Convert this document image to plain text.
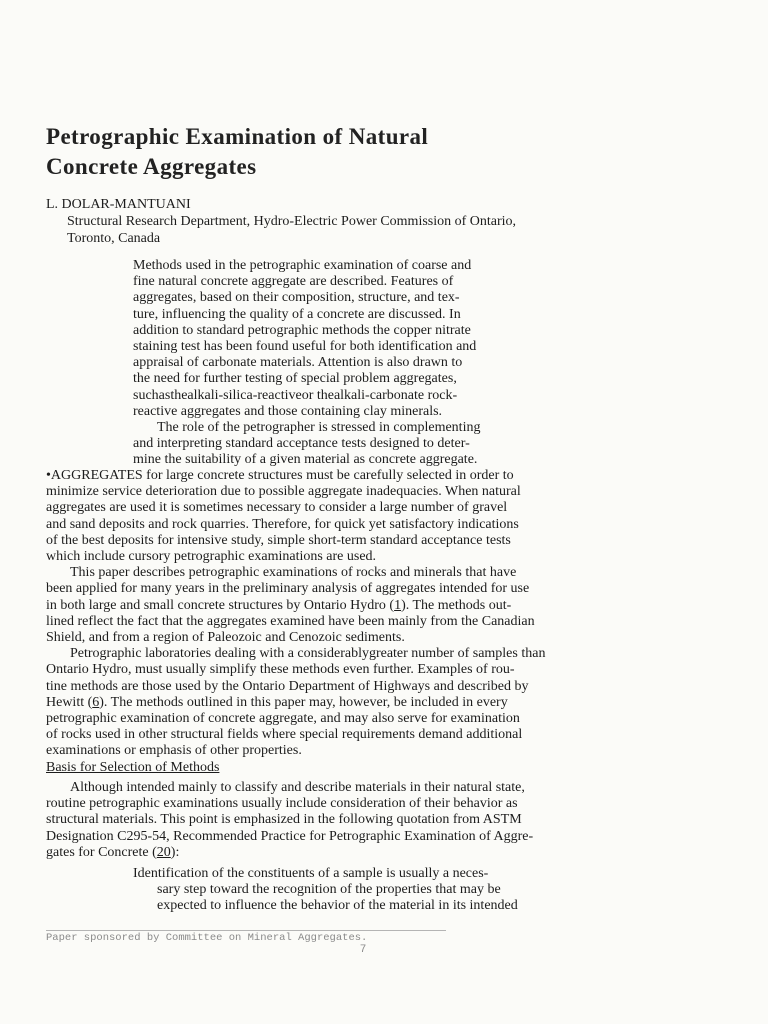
Petrographic Examination of Natural
Concrete Aggregates
L. DOLAR-MANTUANI
Structural Research Department, Hydro-Electric Power Commission of Ontario,
Toronto, Canada
Methods used in the petrographic examination of coarse and
fine natural concrete aggregate are described. Features of
aggregates, based on their composition, structure, and tex-
ture, influencing the quality of a concrete are discussed. In
addition to standard petrographic methods the copper nitrate
staining test has been found useful for both identification and
appraisal of carbonate materials. Attention is also drawn to
the need for further testing of special problem aggregates,
suchasthealkali-silica-reactiveor thealkali-carbonate rock-
reactive aggregates and those containing clay minerals.
The role of the petrographer is stressed in complementing
and interpreting standard acceptance tests designed to deter-
mine the suitability of a given material as concrete aggregate.
•AGGREGATES for large concrete structures must be carefully selected in order to
minimize service deterioration due to possible aggregate inadequacies. When natural
aggregates are used it is sometimes necessary to consider a large number of gravel
and sand deposits and rock quarries. Therefore, for quick yet satisfactory indications
of the best deposits for intensive study, simple short-term standard acceptance tests
which include cursory petrographic examinations are used.
This paper describes petrographic examinations of rocks and minerals that have
been applied for many years in the preliminary analysis of aggregates intended for use
in both large and small concrete structures by Ontario Hydro (1). The methods out-
lined reflect the fact that the aggregates examined have been mainly from the Canadian
Shield, and from a region of Paleozoic and Cenozoic sediments.
Petrographic laboratories dealing with a considerablygreater number of samples than
Ontario Hydro, must usually simplify these methods even further. Examples of rou-
tine methods are those used by the Ontario Department of Highways and described by
Hewitt (6). The methods outlined in this paper may, however, be included in every
petrographic examination of concrete aggregate, and may also serve for examination
of rocks used in other structural fields where special requirements demand additional
examinations or emphasis of other properties.
Basis for Selection of Methods
Although intended mainly to classify and describe materials in their natural state,
routine petrographic examinations usually include consideration of their behavior as
structural materials. This point is emphasized in the following quotation from ASTM
Designation C295-54, Recommended Practice for Petrographic Examination of Aggre-
gates for Concrete (20):
Identification of the constituents of a sample is usually a neces-
sary step toward the recognition of the properties that may be
expected to influence the behavior of the material in its intended
Paper sponsored by Committee on Mineral Aggregates.
7
